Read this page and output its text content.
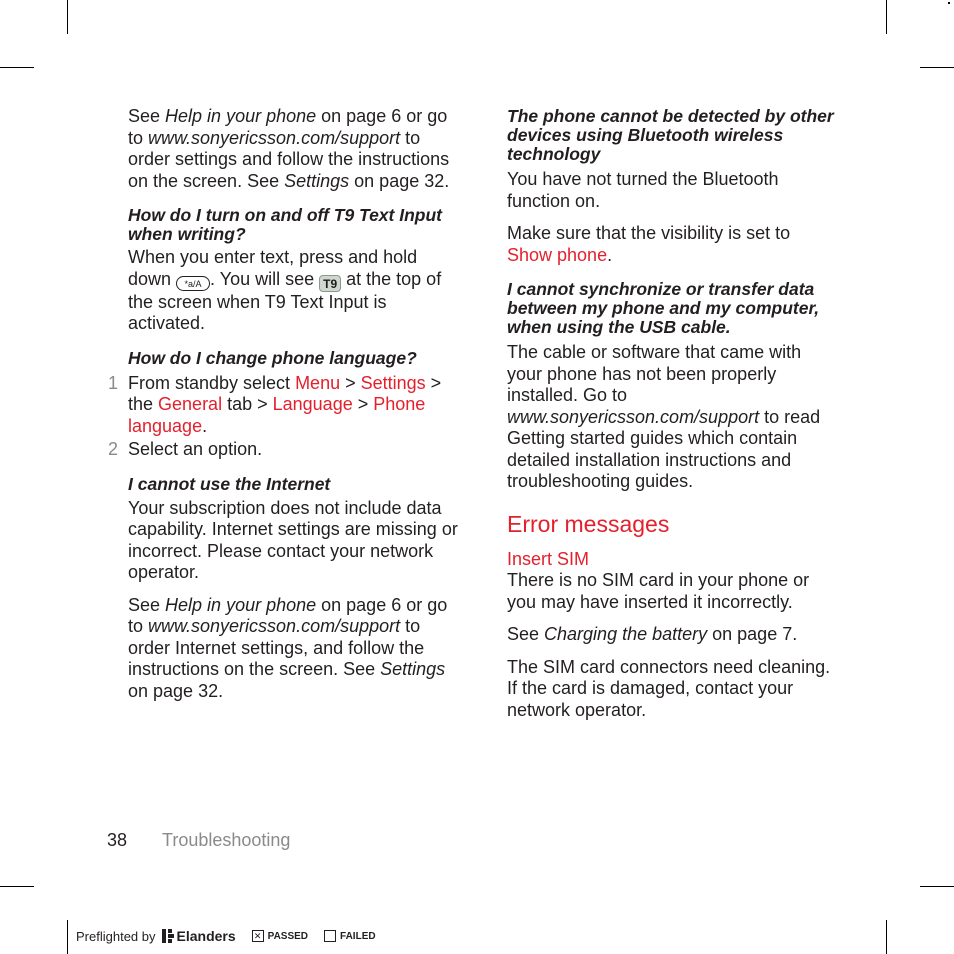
See Help in your phone on page 6 or go to www.sonyericsson.com/support to order settings and follow the instructions on the screen. See Settings on page 32.

How do I turn on and off T9 Text Input when writing?

When you enter text, press and hold down *a/A . You will see T9 at the top of the screen when T9 Text Input is activated.

How do I change phone language?

1 From standby select Menu > Settings > the General tab > Language > Phone language.

2 Select an option.

I cannot use the Internet

Your subscription does not include data capability. Internet settings are missing or incorrect. Please contact your network operator.

See Help in your phone on page 6 or go to www.sonyericsson.com/support to order Internet settings, and follow the instructions on the screen. See Settings on page 32.

The phone cannot be detected by other devices using Bluetooth wireless technology

You have not turned the Bluetooth function on.

Make sure that the visibility is set to Show phone.

I cannot synchronize or transfer data between my phone and my computer, when using the USB cable.

The cable or software that came with your phone has not been properly installed. Go to www.sonyericsson.com/support to read Getting started guides which contain detailed installation instructions and troubleshooting guides.

Error messages

Insert SIM

There is no SIM card in your phone or you may have inserted it incorrectly.

See Charging the battery on page 7.

The SIM card connectors need cleaning. If the card is damaged, contact your network operator.

38 Troubleshooting
Preflighted by Elanders ✕ PASSED	FAILED
